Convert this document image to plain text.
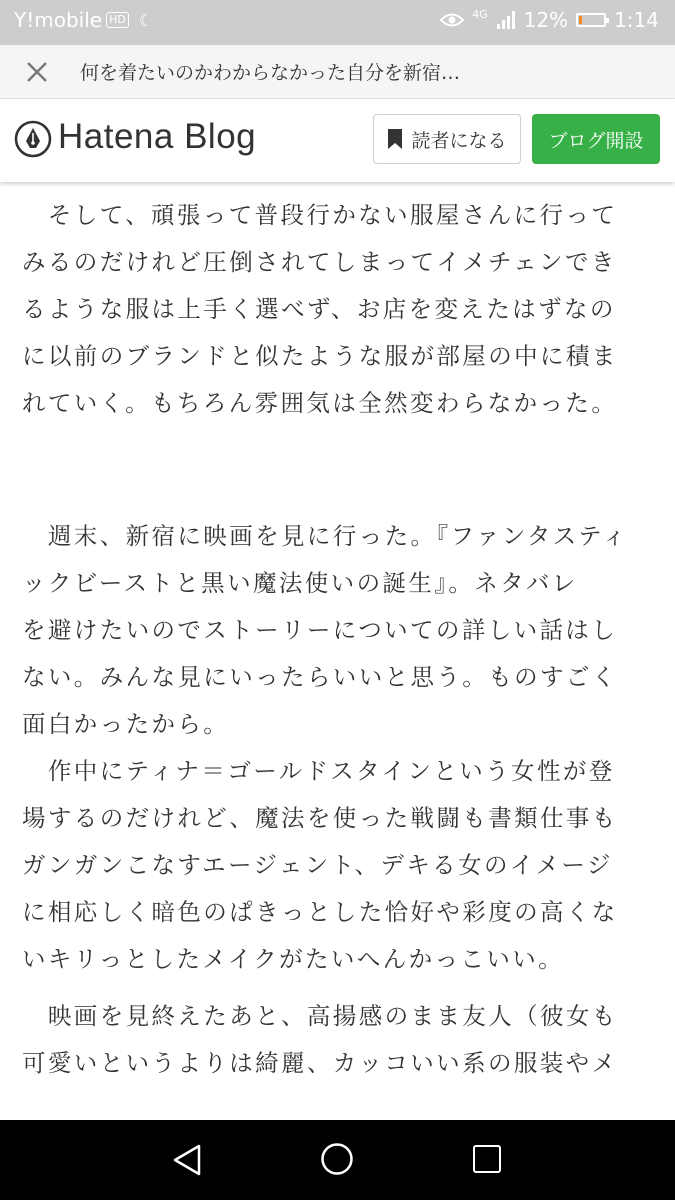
Y!mobile HD ☾	4G 12% 1:14
何を着たいのかわからなかった自分を新宿…
Hatena Blog	読者になる	ブログ開設

　そして、頑張って普段行かない服屋さんに行って

みるのだけれど圧倒されてしまってイメチェンでき

るような服は上手く選べず、お店を変えたはずなの

に以前のブランドと似たような服が部屋の中に積ま

れていく。もちろん雰囲気は全然変わらなかった。

　週末、新宿に映画を見に行った。『ファンタスティ

ックビーストと黒い魔法使いの誕生』。ネタバレ

を避けたいのでストーリーについての詳しい話はし

ない。みんな見にいったらいいと思う。ものすごく

面白かったから。

　作中にティナ＝ゴールドスタインという女性が登

場するのだけれど、魔法を使った戦闘も書類仕事も

ガンガンこなすエージェント、デキる女のイメージ

に相応しく暗色のぱきっとした恰好や彩度の高くな

いキリっとしたメイクがたいへんかっこいい。

　映画を見終えたあと、高揚感のまま友人（彼女も

可愛いというよりは綺麗、カッコいい系の服装やメ
